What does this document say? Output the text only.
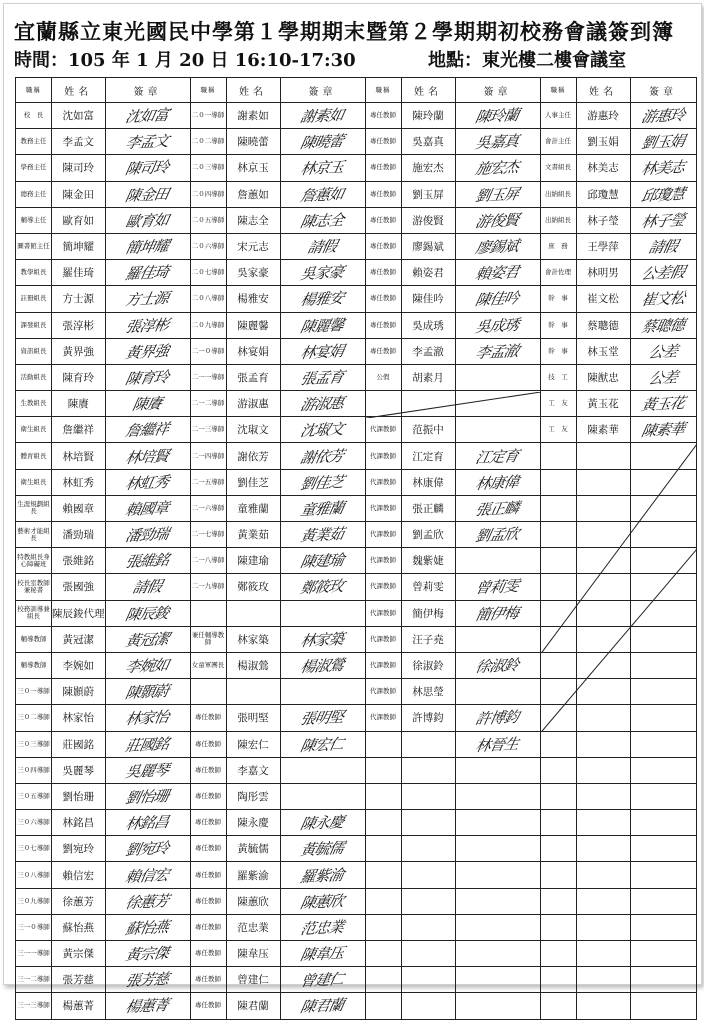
宜蘭縣立東光國民中學第１學期期末暨第２學期期初校務會議簽到簿
時間：105 年 1 月 20 日 16:10-17:30	地點：東光樓二樓會議室
職稱	姓名	簽章	職稱	姓名	簽章	職稱	姓名	簽章	職稱	姓名	簽章
校　長	沈如富	沈如富	二０一導師	謝素如	謝素如	專任教師	陳玲蘭	陳玲蘭	人事主任	游惠玲	游惠玲
教務主任	李孟文	李孟文	二０二導師	陳曉蕾	陳曉蕾	專任教師	吳嘉真	吳嘉真	會計主任	劉玉娟	劉玉娟
學務主任	陳司玲	陳司玲	二０三導師	林京玉	林京玉	專任教師	施宏杰	施宏杰	文書組長	林美志	林美志
總務主任	陳金田	陳金田	二０四導師	詹蕙如	詹蕙如	專任教師	劉玉屏	劉玉屏	出納組長	邱瓊慧	邱瓊慧
輔導主任	歐育如	歐育如	二０五導師	陳志全	陳志全	專任教師	游俊賢	游俊賢	出納組長	林子瑩	林子瑩
圖書館主任	簡坤耀	簡坤耀	二０六導師	宋元志	請假	專任教師	廖錫斌	廖錫斌	庶　務	王學萍	請假
教學組長	羅佳琦	羅佳琦	二０七導師	吳家豪	吳家豪	專任教師	賴姿君	賴姿君	會計佐理	林明男	公差假
註冊組長	方士源	方士源	二０八導師	楊雅安	楊雅安	專任教師	陳佳吟	陳佳吟	幹　事	崔文松	崔文松
課發組長	張淳彬	張淳彬	二０九導師	陳麗馨	陳麗馨	專任教師	吳成琇	吳成琇	幹　事	蔡聰德	蔡聰德
資訊組長	黃界強	黃界強	二一０導師	林宴娟	林宴娟	專任教師	李孟澈	李孟澈	幹　事	林玉堂	公差
活動組長	陳育玲	陳育玲	二一一導師	張孟育	張孟育	公假	胡素月		技　工	陳猷忠	公差
生教組長	陳賡	陳賡	二一二導師	游淑惠	游淑惠				工　友	黃玉花	黃玉花
衛生組長	詹繼祥	詹繼祥	二一三導師	沈琡文	沈琡文	代課教師	范振中		工　友	陳素華	陳素華
體育組長	林培賢	林培賢	二一四導師	謝依芳	謝依芳	代課教師	江定育	江定育			
衛生組長	林虹秀	林虹秀	二一五導師	劉佳芝	劉佳芝	代課教師	林康偉	林康偉			
生涯規劃組長	賴國章	賴國章	二一六導師	童雅蘭	童雅蘭	代課教師	張正麟	張正麟			
藝術才能組長	潘勁瑞	潘勁瑞	二一七導師	黃業茹	黃業茹	代課教師	劉孟欣	劉孟欣			
特教組長身心障礙班	張維銘	張維銘	二一八導師	陳建瑜	陳建瑜	代課教師	魏紫婕				
校長室教師兼秘書	張國強	請假	二一九導師	鄭筱玫	鄭筱玫	代課教師	曾莉雯	曾莉雯			
校務訓導兼組長	陳辰鋑代理	陳辰鋑				代課教師	簡伊梅	簡伊梅			
輔導教師	黃冠潔	黃冠潔	兼任輔導教師	林家築	林家築	代課教師	汪子堯				
輔導教師	李婉如	李婉如	女童軍團長	楊淑鶯	楊淑鶯	代課教師	徐淑鈴	徐淑鈴			
三０一導師	陳顥蔚	陳顥蔚				代課教師	林思瑩				
三０二導師	林家怡	林家怡	專任教師	張明堅	張明堅	代課教師	許博鈞	許博鈞			
三０三導師	莊國銘	莊國銘	專任教師	陳宏仁	陳宏仁			林晉生			
三０四導師	吳麗琴	吳麗琴	專任教師	李嘉文							
三０五導師	劉怡珊	劉怡珊	專任教師	陶彤雲							
三０六導師	林銘昌	林銘昌	專任教師	陳永慶	陳永慶						
三０七導師	劉宛玲	劉宛玲	專任教師	黃毓儒	黃毓儒						
三０八導師	賴信宏	賴信宏	專任教師	羅紫渝	羅紫渝						
三０九導師	徐蕙芳	徐蕙芳	專任教師	陳蕙欣	陳蕙欣						
三一０導師	蘇怡燕	蘇怡燕	專任教師	范忠業	范忠業						
三一一導師	黃宗傑	黃宗傑	專任教師	陳韋压	陳韋压						
三一二導師	張芳慈	張芳慈	專任教師	曾建仁	曾建仁						
三一三導師	楊蕙菁	楊蕙菁	專任教師	陳君蘭	陳君蘭						
